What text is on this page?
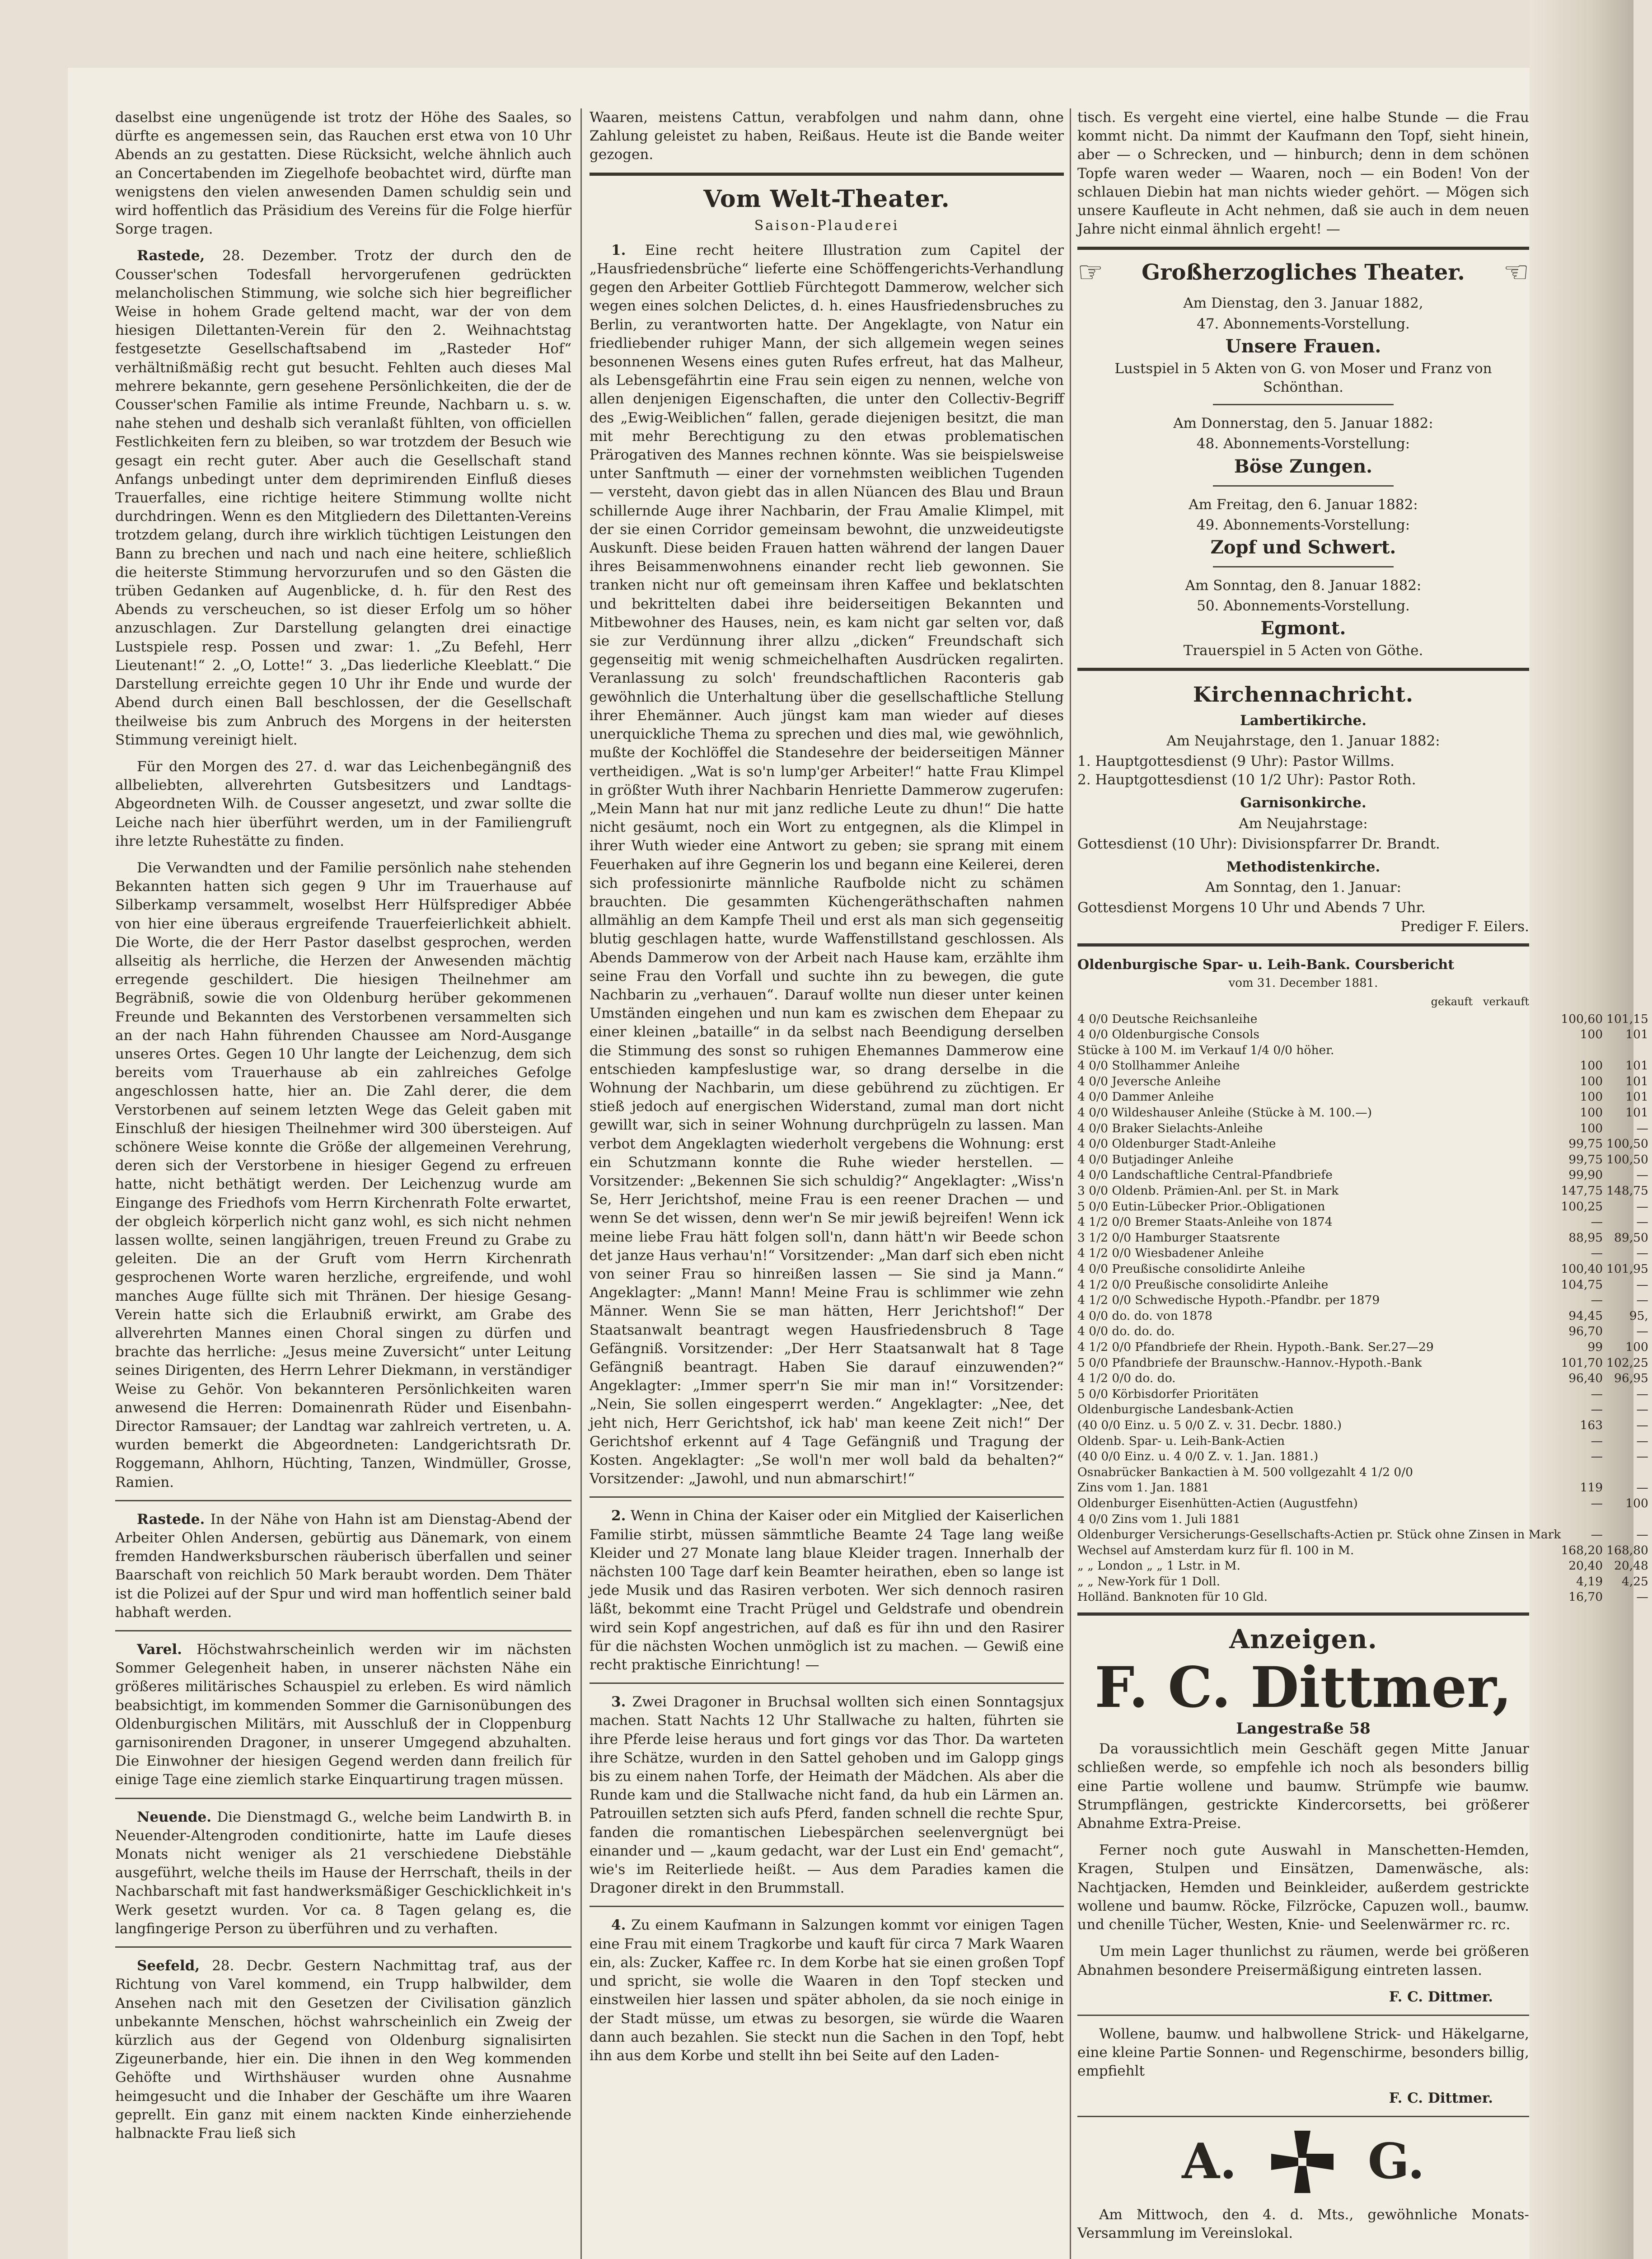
daselbst eine ungenügende ist trotz der Höhe des Saales, so dürfte es angemessen sein, das Rauchen erst etwa von 10 Uhr Abends an zu gestatten. Diese Rücksicht, welche ähnlich auch an Concertabenden im Ziegelhofe beobachtet wird, dürfte man wenigstens den vielen anwesenden Damen schuldig sein und wird hoffentlich das Präsidium des Vereins für die Folge hierfür Sorge tragen.

Rastede, 28. Dezember. Trotz der durch den de Cousser'schen Todesfall hervorgerufenen gedrückten melancholischen Stimmung, wie solche sich hier begreiflicher Weise in hohem Grade geltend macht, war der von dem hiesigen Dilettanten-Verein für den 2. Weihnachtstag festgesetzte Gesellschaftsabend im „Rasteder Hof“ verhältnißmäßig recht gut besucht. Fehlten auch dieses Mal mehrere bekannte, gern gesehene Persönlichkeiten, die der de Cousser'schen Familie als intime Freunde, Nachbarn u. s. w. nahe stehen und deshalb sich veranlaßt fühlten, von officiellen Festlichkeiten fern zu bleiben, so war trotzdem der Besuch wie gesagt ein recht guter. Aber auch die Gesellschaft stand Anfangs unbedingt unter dem deprimirenden Einfluß dieses Trauerfalles, eine richtige heitere Stimmung wollte nicht durchdringen. Wenn es den Mitgliedern des Dilettanten-Vereins trotzdem gelang, durch ihre wirklich tüchtigen Leistungen den Bann zu brechen und nach und nach eine heitere, schließlich die heiterste Stimmung hervorzurufen und so den Gästen die trüben Gedanken auf Augenblicke, d. h. für den Rest des Abends zu verscheuchen, so ist dieser Erfolg um so höher anzuschlagen. Zur Darstellung gelangten drei einactige Lustspiele resp. Possen und zwar: 1. „Zu Befehl, Herr Lieutenant!“ 2. „O, Lotte!“ 3. „Das liederliche Kleeblatt.“ Die Darstellung erreichte gegen 10 Uhr ihr Ende und wurde der Abend durch einen Ball beschlossen, der die Gesellschaft theilweise bis zum Anbruch des Morgens in der heitersten Stimmung vereinigt hielt.

Für den Morgen des 27. d. war das Leichenbegängniß des allbeliebten, allverehrten Gutsbesitzers und Landtags-Abgeordneten Wilh. de Cousser angesetzt, und zwar sollte die Leiche nach hier überführt werden, um in der Familiengruft ihre letzte Ruhestätte zu finden.

Die Verwandten und der Familie persönlich nahe stehenden Bekannten hatten sich gegen 9 Uhr im Trauerhause auf Silberkamp versammelt, woselbst Herr Hülfsprediger Abbée von hier eine überaus ergreifende Trauerfeierlichkeit abhielt. Die Worte, die der Herr Pastor daselbst gesprochen, werden allseitig als herrliche, die Herzen der Anwesenden mächtig erregende geschildert. Die hiesigen Theilnehmer am Begräbniß, sowie die von Oldenburg herüber gekommenen Freunde und Bekannten des Verstorbenen versammelten sich an der nach Hahn führenden Chaussee am Nord-Ausgange unseres Ortes. Gegen 10 Uhr langte der Leichenzug, dem sich bereits vom Trauerhause ab ein zahlreiches Gefolge angeschlossen hatte, hier an. Die Zahl derer, die dem Verstorbenen auf seinem letzten Wege das Geleit gaben mit Einschluß der hiesigen Theilnehmer wird 300 übersteigen. Auf schönere Weise konnte die Größe der allgemeinen Verehrung, deren sich der Verstorbene in hiesiger Gegend zu erfreuen hatte, nicht bethätigt werden. Der Leichenzug wurde am Eingange des Friedhofs vom Herrn Kirchenrath Folte erwartet, der obgleich körperlich nicht ganz wohl, es sich nicht nehmen lassen wollte, seinen langjährigen, treuen Freund zu Grabe zu geleiten. Die an der Gruft vom Herrn Kirchenrath gesprochenen Worte waren herzliche, ergreifende, und wohl manches Auge füllte sich mit Thränen. Der hiesige Gesang-Verein hatte sich die Erlaubniß erwirkt, am Grabe des allverehrten Mannes einen Choral singen zu dürfen und brachte das herrliche: „Jesus meine Zuversicht“ unter Leitung seines Dirigenten, des Herrn Lehrer Diekmann, in verständiger Weise zu Gehör. Von bekannteren Persönlichkeiten waren anwesend die Herren: Domainenrath Rüder und Eisenbahn-Director Ramsauer; der Landtag war zahlreich vertreten, u. A. wurden bemerkt die Abgeordneten: Landgerichtsrath Dr. Roggemann, Ahlhorn, Hüchting, Tanzen, Windmüller, Grosse, Ramien.

Rastede. In der Nähe von Hahn ist am Dienstag-Abend der Arbeiter Ohlen Andersen, gebürtig aus Dänemark, von einem fremden Handwerksburschen räuberisch überfallen und seiner Baarschaft von reichlich 50 Mark beraubt worden. Dem Thäter ist die Polizei auf der Spur und wird man hoffentlich seiner bald habhaft werden.

Varel. Höchstwahrscheinlich werden wir im nächsten Sommer Gelegenheit haben, in unserer nächsten Nähe ein größeres militärisches Schauspiel zu erleben. Es wird nämlich beabsichtigt, im kommenden Sommer die Garnisonübungen des Oldenburgischen Militärs, mit Ausschluß der in Cloppenburg garnisonirenden Dragoner, in unserer Umgegend abzuhalten. Die Einwohner der hiesigen Gegend werden dann freilich für einige Tage eine ziemlich starke Einquartirung tragen müssen.

Neuende. Die Dienstmagd G., welche beim Landwirth B. in Neuender-Altengroden conditionirte, hatte im Laufe dieses Monats nicht weniger als 21 verschiedene Diebstähle ausgeführt, welche theils im Hause der Herrschaft, theils in der Nachbarschaft mit fast handwerksmäßiger Geschicklichkeit in's Werk gesetzt wurden. Vor ca. 8 Tagen gelang es, die langfingerige Person zu überführen und zu verhaften.

Seefeld, 28. Decbr. Gestern Nachmittag traf, aus der Richtung von Varel kommend, ein Trupp halbwilder, dem Ansehen nach mit den Gesetzen der Civilisation gänzlich unbekannte Menschen, höchst wahrscheinlich ein Zweig der kürzlich aus der Gegend von Oldenburg signalisirten Zigeunerbande, hier ein. Die ihnen in den Weg kommenden Gehöfte und Wirthshäuser wurden ohne Ausnahme heimgesucht und die Inhaber der Geschäfte um ihre Waaren geprellt. Ein ganz mit einem nackten Kinde einherziehende halbnackte Frau ließ sich

Waaren, meistens Cattun, verabfolgen und nahm dann, ohne Zahlung geleistet zu haben, Reißaus. Heute ist die Bande weiter gezogen.

Vom Welt-Theater.
Saison-Plauderei

1. Eine recht heitere Illustration zum Capitel der „Hausfriedensbrüche“ lieferte eine Schöffengerichts-Verhandlung gegen den Arbeiter Gottlieb Fürchtegott Dammerow, welcher sich wegen eines solchen Delictes, d. h. eines Hausfriedensbruches zu Berlin, zu verantworten hatte. Der Angeklagte, von Natur ein friedliebender ruhiger Mann, der sich allgemein wegen seines besonnenen Wesens eines guten Rufes erfreut, hat das Malheur, als Lebensgefährtin eine Frau sein eigen zu nennen, welche von allen denjenigen Eigenschaften, die unter den Collectiv-Begriff des „Ewig-Weiblichen“ fallen, gerade diejenigen besitzt, die man mit mehr Berechtigung zu den etwas problematischen Prärogativen des Mannes rechnen könnte. Was sie beispielsweise unter Sanftmuth — einer der vornehmsten weiblichen Tugenden — versteht, davon giebt das in allen Nüancen des Blau und Braun schillernde Auge ihrer Nachbarin, der Frau Amalie Klimpel, mit der sie einen Corridor gemeinsam bewohnt, die unzweideutigste Auskunft. Diese beiden Frauen hatten während der langen Dauer ihres Beisammenwohnens einander recht lieb gewonnen. Sie tranken nicht nur oft gemeinsam ihren Kaffee und beklatschten und bekrittelten dabei ihre beiderseitigen Bekannten und Mitbewohner des Hauses, nein, es kam nicht gar selten vor, daß sie zur Verdünnung ihrer allzu „dicken“ Freundschaft sich gegenseitig mit wenig schmeichelhaften Ausdrücken regalirten. Veranlassung zu solch' freundschaftlichen Raconteris gab gewöhnlich die Unterhaltung über die gesellschaftliche Stellung ihrer Ehemänner. Auch jüngst kam man wieder auf dieses unerquickliche Thema zu sprechen und dies mal, wie gewöhnlich, mußte der Kochlöffel die Standesehre der beiderseitigen Männer vertheidigen. „Wat is so'n lump'ger Arbeiter!“ hatte Frau Klimpel in größter Wuth ihrer Nachbarin Henriette Dammerow zugerufen: „Mein Mann hat nur mit janz redliche Leute zu dhun!“ Die hatte nicht gesäumt, noch ein Wort zu entgegnen, als die Klimpel in ihrer Wuth wieder eine Antwort zu geben; sie sprang mit einem Feuerhaken auf ihre Gegnerin los und begann eine Keilerei, deren sich professionirte männliche Raufbolde nicht zu schämen brauchten. Die gesammten Küchengeräthschaften nahmen allmählig an dem Kampfe Theil und erst als man sich gegenseitig blutig geschlagen hatte, wurde Waffenstillstand geschlossen. Als Abends Dammerow von der Arbeit nach Hause kam, erzählte ihm seine Frau den Vorfall und suchte ihn zu bewegen, die gute Nachbarin zu „verhauen“. Darauf wollte nun dieser unter keinen Umständen eingehen und nun kam es zwischen dem Ehepaar zu einer kleinen „bataille“ in da selbst nach Beendigung derselben die Stimmung des sonst so ruhigen Ehemannes Dammerow eine entschieden kampfeslustige war, so drang derselbe in die Wohnung der Nachbarin, um diese gebührend zu züchtigen. Er stieß jedoch auf energischen Widerstand, zumal man dort nicht gewillt war, sich in seiner Wohnung durchprügeln zu lassen. Man verbot dem Angeklagten wiederholt vergebens die Wohnung: erst ein Schutzmann konnte die Ruhe wieder herstellen. — Vorsitzender: „Bekennen Sie sich schuldig?“ Angeklagter: „Wiss'n Se, Herr Jerichtshof, meine Frau is een reener Drachen — und wenn Se det wissen, denn wer'n Se mir jewiß bejreifen! Wenn ick meine liebe Frau hätt folgen soll'n, dann hätt'n wir Beede schon det janze Haus verhau'n!“ Vorsitzender: „Man darf sich eben nicht von seiner Frau so hinreißen lassen — Sie sind ja Mann.“ Angeklagter: „Mann! Mann! Meine Frau is schlimmer wie zehn Männer. Wenn Sie se man hätten, Herr Jerichtshof!“ Der Staatsanwalt beantragt wegen Hausfriedensbruch 8 Tage Gefängniß. Vorsitzender: „Der Herr Staatsanwalt hat 8 Tage Gefängniß beantragt. Haben Sie darauf einzuwenden?“ Angeklagter: „Immer sperr'n Sie mir man in!“ Vorsitzender: „Nein, Sie sollen eingesperrt werden.“ Angeklagter: „Nee, det jeht nich, Herr Gerichtshof, ick hab' man keene Zeit nich!“ Der Gerichtshof erkennt auf 4 Tage Gefängniß und Tragung der Kosten. Angeklagter: „Se woll'n mer woll bald da behalten?“ Vorsitzender: „Jawohl, und nun abmarschirt!“

2. Wenn in China der Kaiser oder ein Mitglied der Kaiserlichen Familie stirbt, müssen sämmtliche Beamte 24 Tage lang weiße Kleider und 27 Monate lang blaue Kleider tragen. Innerhalb der nächsten 100 Tage darf kein Beamter heirathen, eben so lange ist jede Musik und das Rasiren verboten. Wer sich dennoch rasiren läßt, bekommt eine Tracht Prügel und Geldstrafe und obendrein wird sein Kopf angestrichen, auf daß es für ihn und den Rasirer für die nächsten Wochen unmöglich ist zu machen. — Gewiß eine recht praktische Einrichtung! —

3. Zwei Dragoner in Bruchsal wollten sich einen Sonntagsjux machen. Statt Nachts 12 Uhr Stallwache zu halten, führten sie ihre Pferde leise heraus und fort gings vor das Thor. Da warteten ihre Schätze, wurden in den Sattel gehoben und im Galopp gings bis zu einem nahen Torfe, der Heimath der Mädchen. Als aber die Runde kam und die Stallwache nicht fand, da hub ein Lärmen an. Patrouillen setzten sich aufs Pferd, fanden schnell die rechte Spur, fanden die romantischen Liebespärchen seelenvergnügt bei einander und — „kaum gedacht, war der Lust ein End' gemacht“, wie's im Reiterliede heißt. — Aus dem Paradies kamen die Dragoner direkt in den Brummstall.

4. Zu einem Kaufmann in Salzungen kommt vor einigen Tagen eine Frau mit einem Tragkorbe und kauft für circa 7 Mark Waaren ein, als: Zucker, Kaffee rc. In dem Korbe hat sie einen großen Topf und spricht, sie wolle die Waaren in den Topf stecken und einstweilen hier lassen und später abholen, da sie noch einige in der Stadt müsse, um etwas zu besorgen, sie würde die Waaren dann auch bezahlen. Sie steckt nun die Sachen in den Topf, hebt ihn aus dem Korbe und stellt ihn bei Seite auf den Laden-

tisch. Es vergeht eine viertel, eine halbe Stunde — die Frau kommt nicht. Da nimmt der Kaufmann den Topf, sieht hinein, aber — o Schrecken, und — hinburch; denn in dem schönen Topfe waren weder — Waaren, noch — ein Boden! Von der schlauen Diebin hat man nichts wieder gehört. — Mögen sich unsere Kaufleute in Acht nehmen, daß sie auch in dem neuen Jahre nicht einmal ähnlich ergeht! —

☞ Großherzogliches Theater. ☜

Am Dienstag, den 3. Januar 1882,

47. Abonnements-Vorstellung.

Unsere Frauen.

Lustspiel in 5 Akten von G. von Moser und Franz von Schönthan.

Am Donnerstag, den 5. Januar 1882:

48. Abonnements-Vorstellung:

Böse Zungen.

Am Freitag, den 6. Januar 1882:

49. Abonnements-Vorstellung:

Zopf und Schwert.

Am Sonntag, den 8. Januar 1882:

50. Abonnements-Vorstellung.

Egmont.

Trauerspiel in 5 Acten von Göthe.

Kirchennachricht.

Lambertikirche.

Am Neujahrstage, den 1. Januar 1882:

1. Hauptgottesdienst (9 Uhr): Pastor Willms.

2. Hauptgottesdienst (10 1/2 Uhr): Pastor Roth.

Garnisonkirche.

Am Neujahrstage:

Gottesdienst (10 Uhr): Divisionspfarrer Dr. Brandt.

Methodistenkirche.

Am Sonntag, den 1. Januar:

Gottesdienst Morgens 10 Uhr und Abends 7 Uhr.

Prediger F. Eilers.

Oldenburgische Spar- u. Leih-Bank. Coursbericht
vom 31. December 1881.
gekauft verkauft
4 0/0 Deutsche Reichsanleihe	100,60	101,15
4 0/0 Oldenburgische Consols	100	101
Stücke à 100 M. im Verkauf 1/4 0/0 höher.		
4 0/0 Stollhammer Anleihe	100	101
4 0/0 Jeversche Anleihe	100	101
4 0/0 Dammer Anleihe	100	101
4 0/0 Wildeshauser Anleihe (Stücke à M. 100.—)	100	101
4 0/0 Braker Sielachts-Anleihe	100	—
4 0/0 Oldenburger Stadt-Anleihe	99,75	100,50
4 0/0 Butjadinger Anleihe	99,75	100,50
4 0/0 Landschaftliche Central-Pfandbriefe	99,90	—
3 0/0 Oldenb. Prämien-Anl. per St. in Mark	147,75	148,75
5 0/0 Eutin-Lübecker Prior.-Obligationen	100,25	—
4 1/2 0/0 Bremer Staats-Anleihe von 1874	—	—
3 1/2 0/0 Hamburger Staatsrente	88,95	89,50
4 1/2 0/0 Wiesbadener Anleihe	—	—
4 0/0 Preußische consolidirte Anleihe	100,40	101,95
4 1/2 0/0 Preußische consolidirte Anleihe	104,75	—
4 1/2 0/0 Schwedische Hypoth.-Pfandbr. per 1879	—	—
4 0/0 do. do. von 1878	94,45	95,
4 0/0 do. do. do.	96,70	—
4 1/2 0/0 Pfandbriefe der Rhein. Hypoth.-Bank. Ser.27—29	99	100
5 0/0 Pfandbriefe der Braunschw.-Hannov.-Hypoth.-Bank	101,70	102,25
4 1/2 0/0 do. do.	96,40	96,95
5 0/0 Körbisdorfer Prioritäten	—	—
Oldenburgische Landesbank-Actien	—	—
(40 0/0 Einz. u. 5 0/0 Z. v. 31. Decbr. 1880.)	163	—
Oldenb. Spar- u. Leih-Bank-Actien	—	—
(40 0/0 Einz. u. 4 0/0 Z. v. 1. Jan. 1881.)	—	—
Osnabrücker Bankactien à M. 500 vollgezahlt 4 1/2 0/0		
Zins vom 1. Jan. 1881	119	—
Oldenburger Eisenhütten-Actien (Augustfehn)	—	100
4 0/0 Zins vom 1. Juli 1881		
Oldenburger Versicherungs-Gesellschafts-Actien pr. Stück ohne Zinsen in Mark	—	—
Wechsel auf Amsterdam kurz für fl. 100 in M.	168,20	168,80
„ „ London „ „ 1 Lstr. in M.	20,40	20,48
„ „ New-York für 1 Doll.	4,19	4,25
Holländ. Banknoten für 10 Gld.	16,70	—
Anzeigen.
F. C. Dittmer,

Langestraße 58

Da voraussichtlich mein Geschäft gegen Mitte Januar schließen werde, so empfehle ich noch als besonders billig eine Partie wollene und baumw. Strümpfe wie baumw. Strumpflängen, gestrickte Kindercorsetts, bei größerer Abnahme Extra-Preise.

Ferner noch gute Auswahl in Manschetten-Hemden, Kragen, Stulpen und Einsätzen, Damenwäsche, als: Nachtjacken, Hemden und Beinkleider, außerdem gestrickte wollene und baumw. Röcke, Filzröcke, Capuzen woll., baumw. und chenille Tücher, Westen, Knie- und Seelenwärmer rc. rc.

Um mein Lager thunlichst zu räumen, werde bei größeren Abnahmen besondere Preisermäßigung eintreten lassen.

F. C. Dittmer.

Wollene, baumw. und halbwollene Strick- und Häkelgarne, eine kleine Partie Sonnen- und Regenschirme, besonders billig, empfiehlt

F. C. Dittmer.

A.	G.

Am Mittwoch, den 4. d. Mts., gewöhnliche Monats-Versammlung im Vereinslokal.
